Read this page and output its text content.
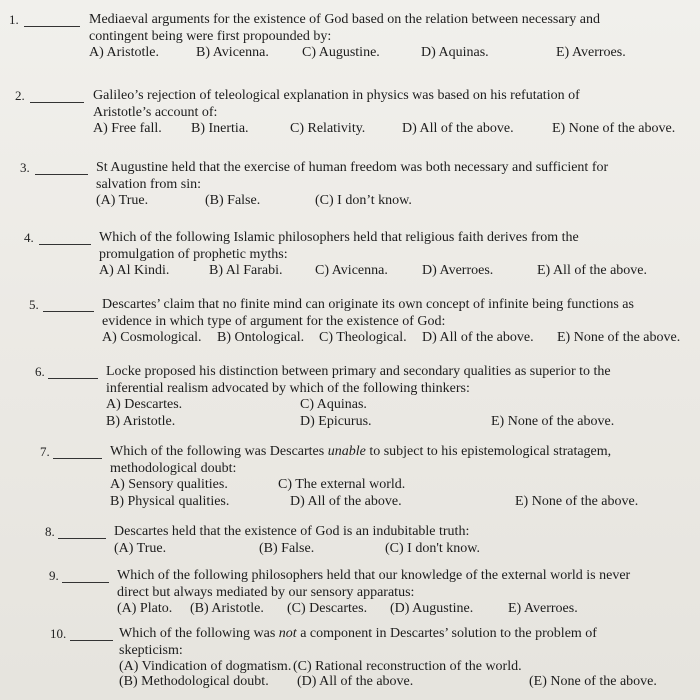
1.	Mediaeval arguments for the existence of God based on the relation between necessary and
contingent being were first propounded by:
A) Aristotle.	B) Avicenna. C) Augustine.	D) Aquinas.	E) Averroes.
2.	Galileo’s rejection of teleological explanation in physics was based on his refutation of
Aristotle’s account of:
A) Free fall. B) Inertia.	C) Relativity.	D) All of the above.	E) None of the above.
3.	St Augustine held that the exercise of human freedom was both necessary and sufficient for
salvation from sin:
(A) True.	(B) False.	(C) I don’t know.
4.	Which of the following Islamic philosophers held that religious faith derives from the
promulgation of prophetic myths:
A) Al Kindi.	B) Al Farabi. C) Avicenna. D) Averroes.	E) All of the above.
5.	Descartes’ claim that no finite mind can originate its own concept of infinite being functions as
evidence in which type of argument for the existence of God:
A) Cosmological. B) Ontological. C) Theological. D) All of the above. E) None of the above.
6.	Locke proposed his distinction between primary and secondary qualities as superior to the
inferential realism advocated by which of the following thinkers:
A) Descartes.	C) Aquinas.
B) Aristotle.	D) Epicurus.	E) None of the above.
7.	Which of the following was Descartes unable to subject to his epistemological stratagem,
methodological doubt:
A) Sensory qualities.	C) The external world.
B) Physical qualities.	D) All of the above.	E) None of the above.
8.	Descartes held that the existence of God is an indubitable truth:
(A) True.	(B) False.	(C) I don't know.
9.	Which of the following philosophers held that our knowledge of the external world is never
direct but always mediated by our sensory apparatus:
(A) Plato. (B) Aristotle. (C) Descartes. (D) Augustine. E) Averroes.
10.	Which of the following was not a component in Descartes’ solution to the problem of
skepticism:
(A) Vindication of dogmatism. (C) Rational reconstruction of the world.
(B) Methodological doubt. (D) All of the above.	(E) None of the above.
